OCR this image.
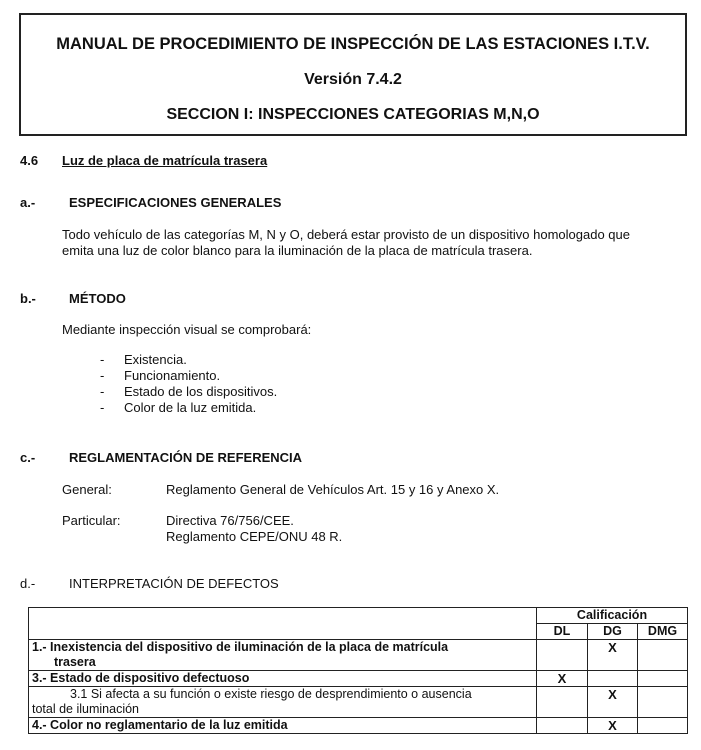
MANUAL DE PROCEDIMIENTO DE INSPECCIÓN DE LAS ESTACIONES I.T.V.
Versión 7.4.2
SECCION I: INSPECCIONES CATEGORIAS M,N,O
4.6 Luz de placa de matrícula trasera
a.-	ESPECIFICACIONES GENERALES
Todo vehículo de las categorías M, N y O, deberá estar provisto de un dispositivo homologado que
emita una luz de color blanco para la iluminación de la placa de matrícula trasera.
b.-	MÉTODO
Mediante inspección visual se comprobará:
-	Existencia.
-	Funcionamiento.
-	Estado de los dispositivos.
-	Color de la luz emitida.
c.-	REGLAMENTACIÓN DE REFERENCIA
General:	Reglamento General de Vehículos Art. 15 y 16 y Anexo X.
Particular:	Directiva 76/756/CEE.
Reglamento CEPE/ONU 48 R.
d.-	INTERPRETACIÓN DE DEFECTOS
	Calificación		
	DL	DG	DMG

1.- Inexistencia del dispositivo de iluminación de la placa de matrícula
trasera		X	

3.- Estado de dispositivo defectuoso	X		

3.1 Si afecta a su función o existe riesgo de desprendimiento o ausencia
total de iluminación		X	

4.- Color no reglamentario de la luz emitida		X	
